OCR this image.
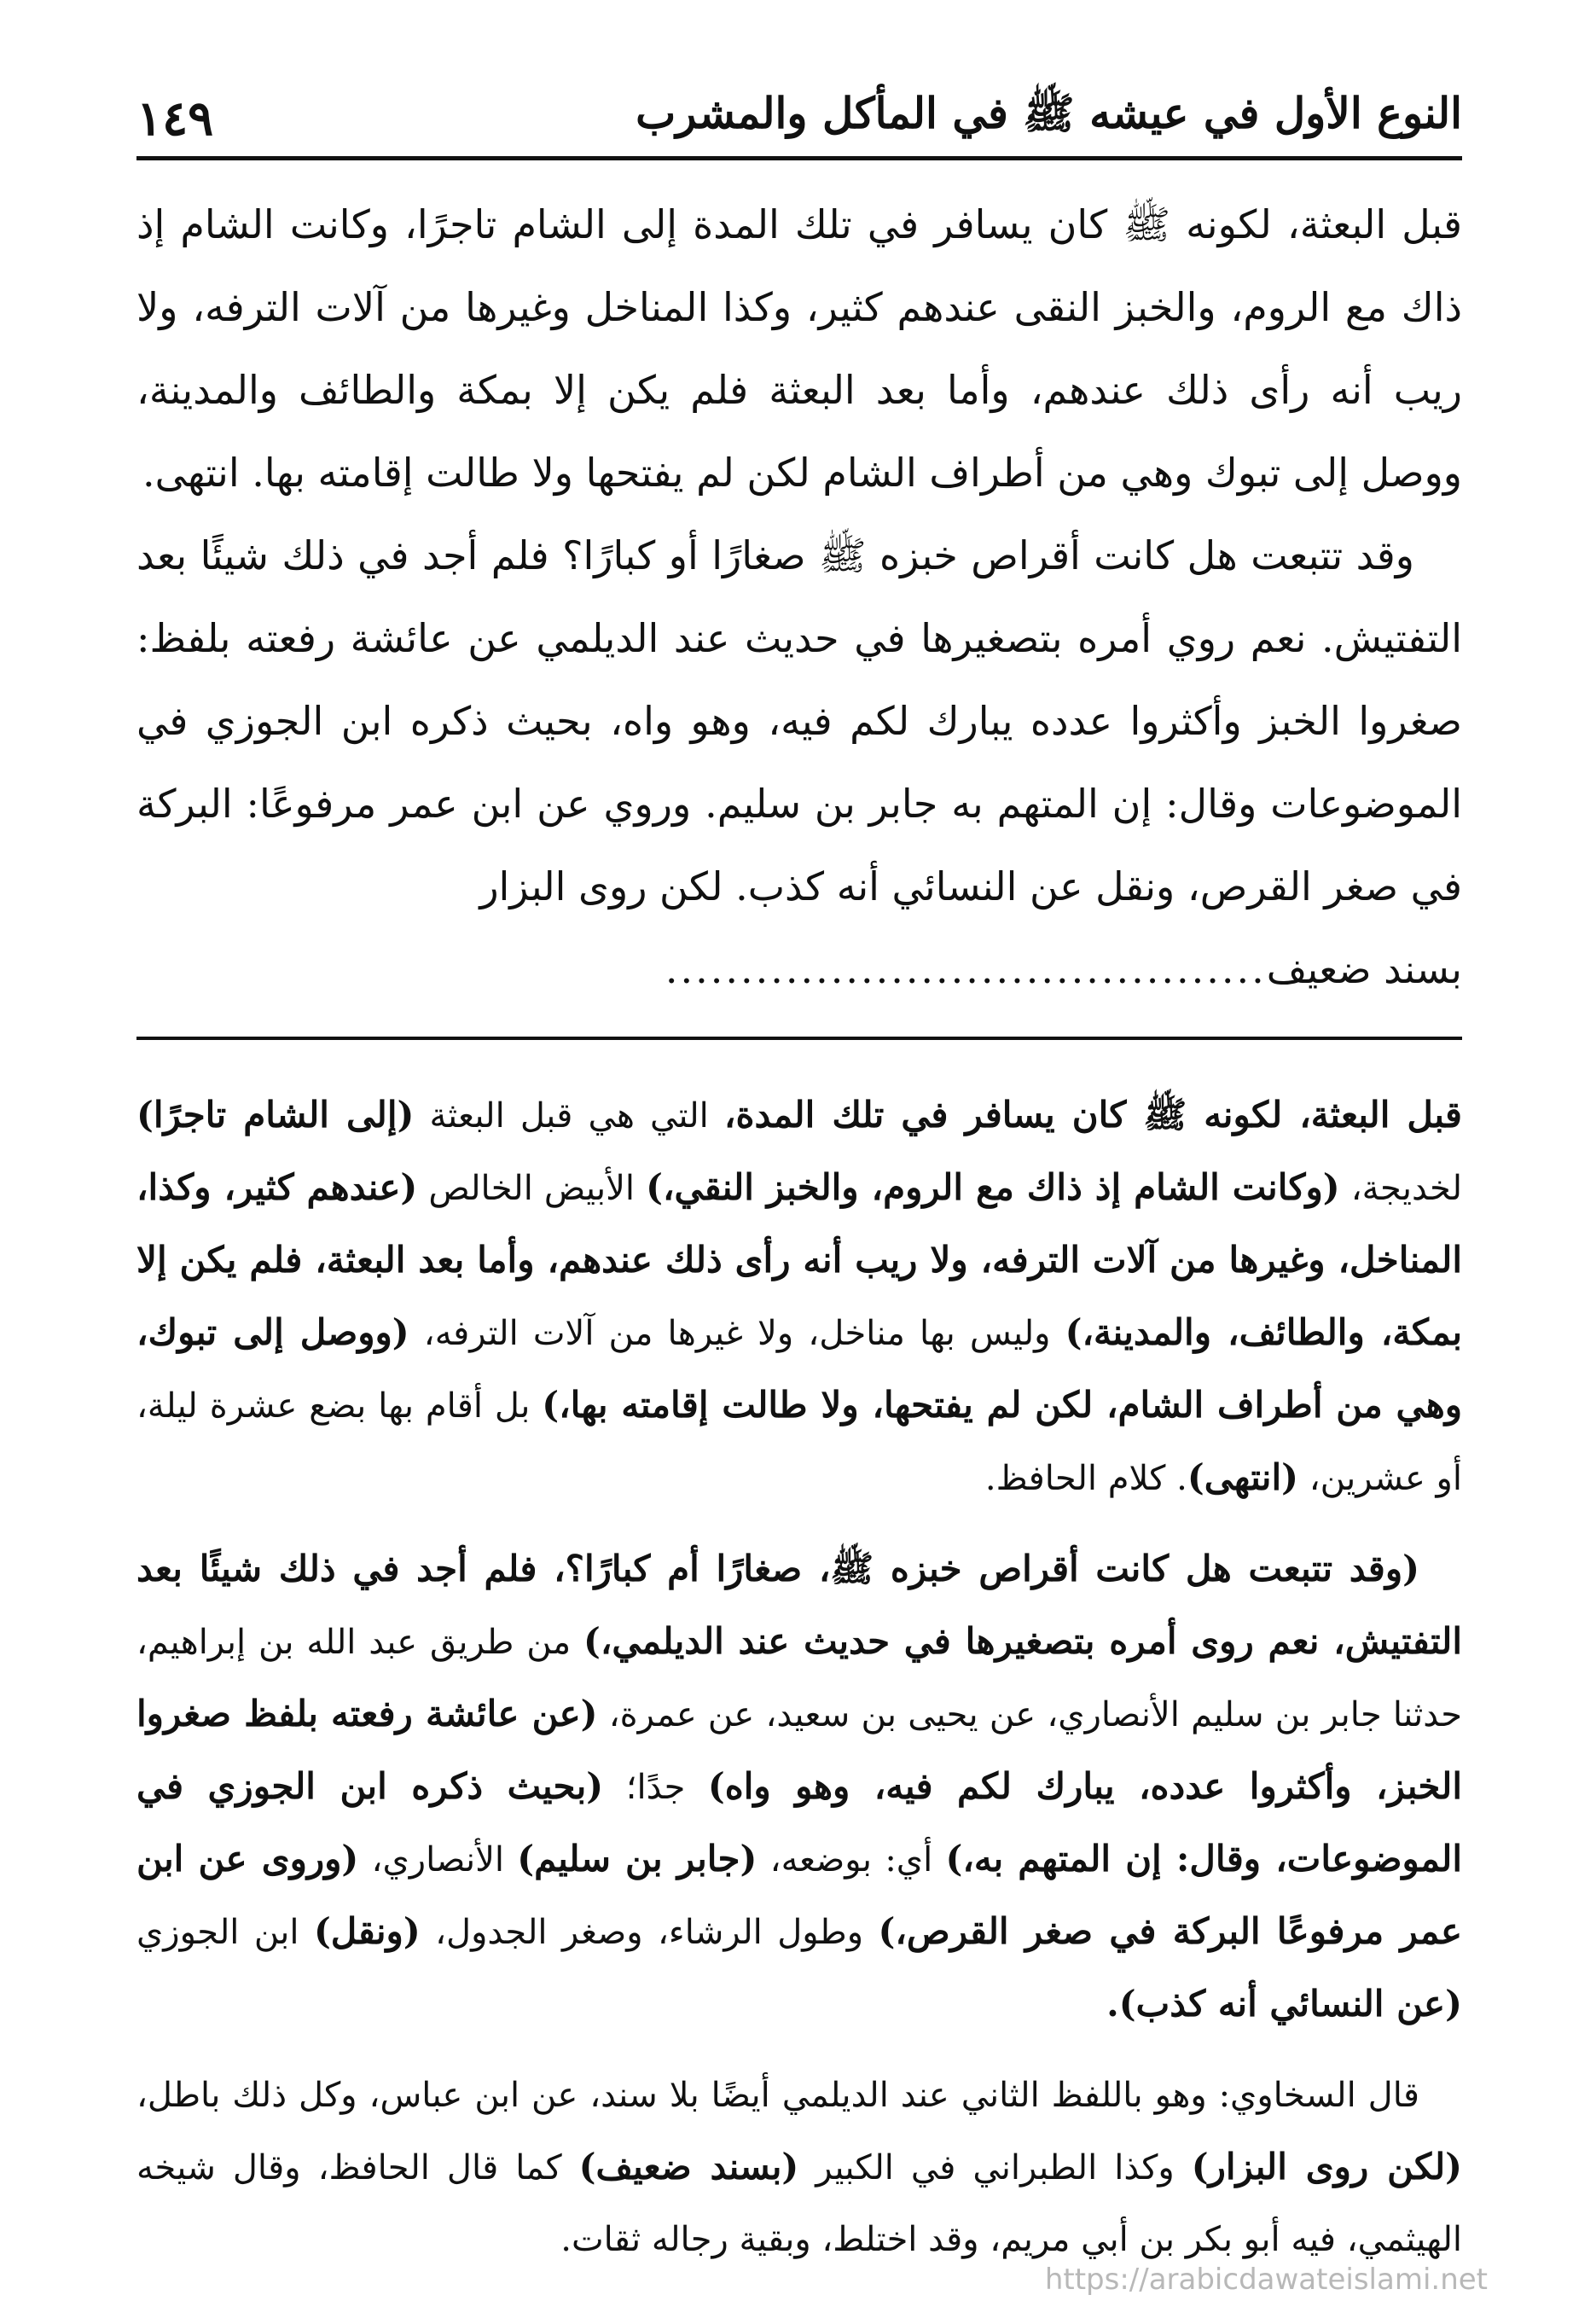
النوع الأول في عيشه ﷺ في المأكل والمشرب
١٤٩

قبل البعثة، لكونه ﷺ كان يسافر في تلك المدة إلى الشام تاجرًا، وكانت الشام إذ ذاك مع الروم، والخبز النقى عندهم كثير، وكذا المناخل وغيرها من آلات الترفه، ولا ريب أنه رأى ذلك عندهم، وأما بعد البعثة فلم يكن إلا بمكة والطائف والمدينة، ووصل إلى تبوك وهي من أطراف الشام لكن لم يفتحها ولا طالت إقامته بها. انتهى.

وقد تتبعت هل كانت أقراص خبزه ﷺ صغارًا أو كبارًا؟ فلم أجد في ذلك شيئًا بعد التفتيش. نعم روي أمره بتصغيرها في حديث عند الديلمي عن عائشة رفعته بلفظ: صغروا الخبز وأكثروا عدده يبارك لكم فيه، وهو واه، بحيث ذكره ابن الجوزي في الموضوعات وقال: إن المتهم به جابر بن سليم. وروي عن ابن عمر مرفوعًا: البركة في صغر القرص، ونقل عن النسائي أنه كذب. لكن روى البزار

بسند ضعيف
........................................

قبل البعثة، لكونه ﷺ كان يسافر في تلك المدة، التي هي قبل البعثة (إلى الشام تاجرًا) لخديجة، (وكانت الشام إذ ذاك مع الروم، والخبز النقي،) الأبيض الخالص (عندهم كثير، وكذا، المناخل، وغيرها من آلات الترفه، ولا ريب أنه رأى ذلك عندهم، وأما بعد البعثة، فلم يكن إلا بمكة، والطائف، والمدينة،) وليس بها مناخل، ولا غيرها من آلات الترفه، (ووصل إلى تبوك، وهي من أطراف الشام، لكن لم يفتحها، ولا طالت إقامته بها،) بل أقام بها بضع عشرة ليلة، أو عشرين، (انتهى). كلام الحافظ.

(وقد تتبعت هل كانت أقراص خبزه ﷺ، صغارًا أم كبارًا؟، فلم أجد في ذلك شيئًا بعد التفتيش، نعم روى أمره بتصغيرها في حديث عند الديلمي،) من طريق عبد الله بن إبراهيم، حدثنا جابر بن سليم الأنصاري، عن يحيى بن سعيد، عن عمرة، (عن عائشة رفعته بلفظ صغروا الخبز، وأكثروا عدده، يبارك لكم فيه، وهو واه) جدًا؛ (بحيث ذكره ابن الجوزي في الموضوعات، وقال: إن المتهم به،) أي: بوضعه، (جابر بن سليم) الأنصاري، (وروى عن ابن عمر مرفوعًا البركة في صغر القرص،) وطول الرشاء، وصغر الجدول، (ونقل) ابن الجوزي (عن النسائي أنه كذب).

قال السخاوي: وهو باللفظ الثاني عند الديلمي أيضًا بلا سند، عن ابن عباس، وكل ذلك باطل، (لكن روى البزار) وكذا الطبراني في الكبير (بسند ضعيف) كما قال الحافظ، وقال شيخه الهيثمي، فيه أبو بكر بن أبي مريم، وقد اختلط، وبقية رجاله ثقات.

https://arabicdawateislami.net
